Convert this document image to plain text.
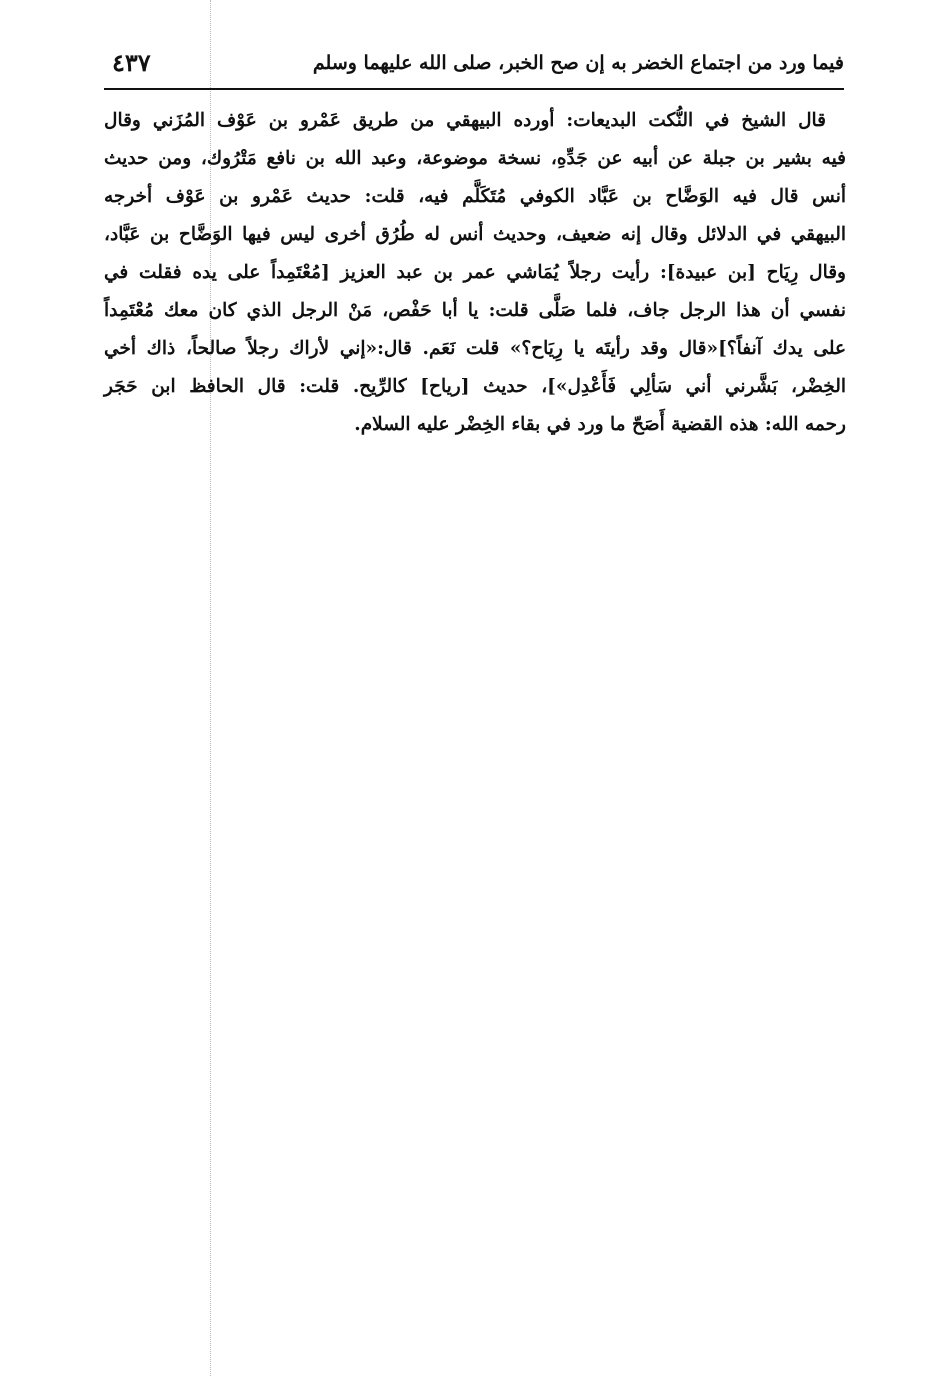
فيما ورد من اجتماع الخضر به إن صح الخبر، صلى الله عليهما وسلم
٤٣٧
قال الشيخ في النُّكت البديعات: أورده البيهقي من طريق عَمْرو بن عَوْف المُزَني وقال
فيه بشير بن جبلة عن أبيه عن جَدِّهِ، نسخة موضوعة، وعبد الله بن نافع مَتْرُوك، ومن حديث
أنس قال فيه الوَضَّاح بن عَبَّاد الكوفي مُتَكَلَّم فيه، قلت: حديث عَمْرو بن عَوْف أخرجه
البيهقي في الدلائل وقال إنه ضعيف، وحديث أنس له طُرُق أخرى ليس فيها الوَضَّاح بن عَبَّاد،
وقال رِيَاح [بن عبيدة]: رأيت رجلاً يُمَاشي عمر بن عبد العزيز [مُعْتَمِداً على يده فقلت في
نفسي أن هذا الرجل جاف، فلما صَلَّى قلت: يا أبا حَفْص، مَنْ الرجل الذي كان معك مُعْتَمِداً
على يدك آنفاً؟]«قال وقد رأيتَه يا رِيَاح؟» قلت نَعَم. قال:«إني لأراك رجلاً صالحاً، ذاك أخي
الخِضْر، بَشَّرني أني سَألِي فَأَعْدِل»]، حديث [رياح] كالرِّيح. قلت: قال الحافظ ابن حَجَر
رحمه الله: هذه القضية أَصَحّ ما ورد في بقاء الخِضْر عليه السلام.
